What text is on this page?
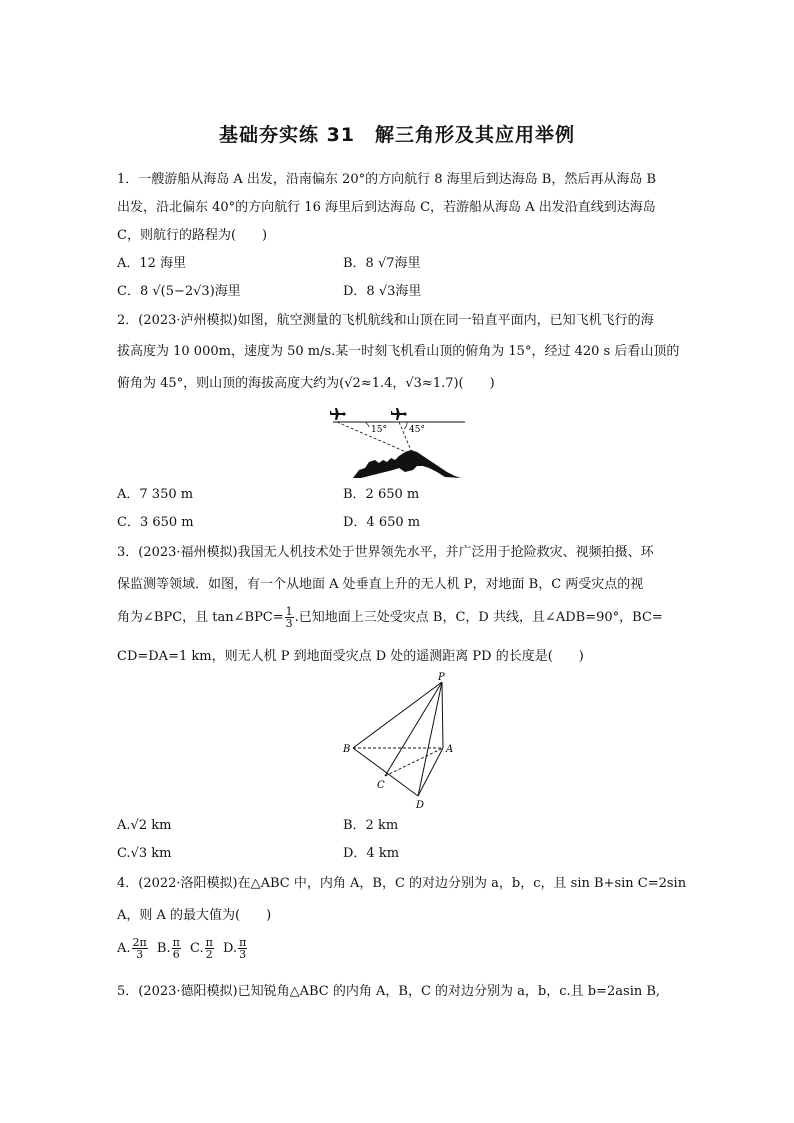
基础夯实练 31　解三角形及其应用举例
1．一艘游船从海岛 A 出发，沿南偏东 20°的方向航行 8 海里后到达海岛 B，然后再从海岛 B
出发，沿北偏东 40°的方向航行 16 海里后到达海岛 C，若游船从海岛 A 出发沿直线到达海岛
C，则航行的路程为(　　)
A．12 海里	B．8 √7海里
C．8 √(5−2√3)海里	D．8 √3海里
2．(2023·泸州模拟)如图，航空测量的飞机航线和山顶在同一铅直平面内，已知飞机飞行的海
拔高度为 10 000m，速度为 50 m/s.某一时刻飞机看山顶的俯角为 15°，经过 420 s 后看山顶的
俯角为 45°，则山顶的海拔高度大约为(√2≈1.4，√3≈1.7)(　　)
15° 45°
A．7 350 m	B．2 650 m
C．3 650 m	D．4 650 m
3．(2023·福州模拟)我国无人机技术处于世界领先水平，并广泛用于抢险救灾、视频拍摄、环
保监测等领域．如图，有一个从地面 A 处垂直上升的无人机 P，对地面 B，C 两受灾点的视
角为∠BPC，且 tan∠BPC= $\frac{1}{3}$ .已知地面上三处受灾点 B，C，D 共线，且∠ADB=90°，BC=
CD=DA=1 km，则无人机 P 到地面受灾点 D 处的遥测距离 PD 的长度是(　　)
P
B	A
C
D
A.√2 km	B．2 km
C.√3 km	D．4 km
4．(2022·洛阳模拟)在△ABC 中，内角 A，B，C 的对边分别为 a，b，c，且 sin B+sin C=2sin
A，则 A 的最大值为(　　)
A. $\frac{2\pi}{3} B$. $\frac{\pi}{6} C$. $\frac{\pi}{2} D$. $\frac{\pi}{3}$
5．(2023·德阳模拟)已知锐角△ABC 的内角 A，B，C 的对边分别为 a，b，c.且 b=2asin B,
